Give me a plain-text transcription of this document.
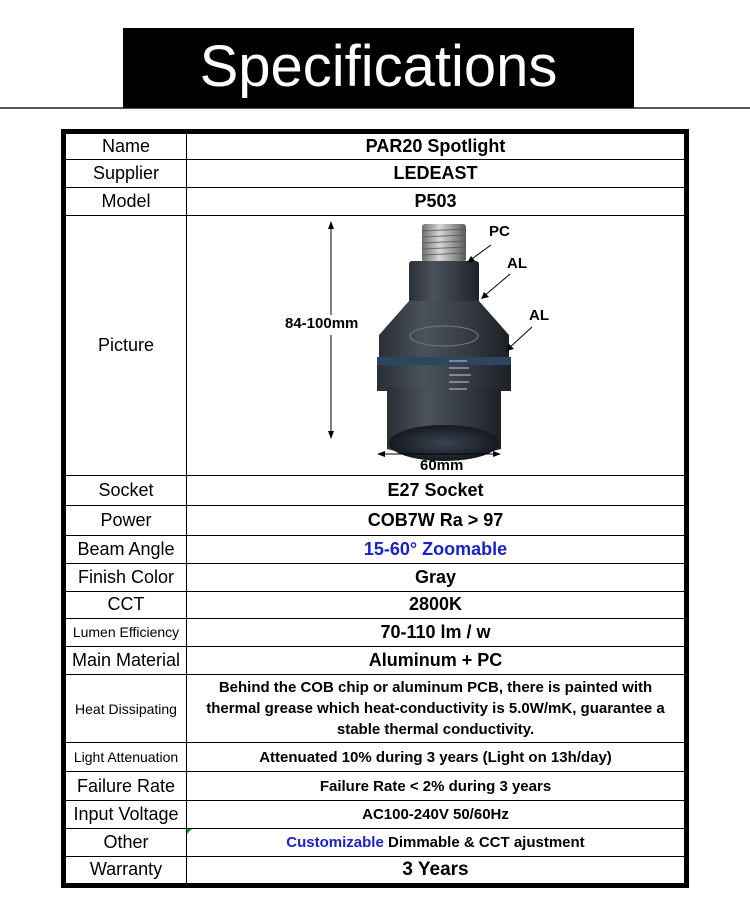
Specifications
Name	PAR20 Spotlight
Supplier	LEDEAST
Model	P503
Picture	84-100mm
60mm
PC
AL
AL

Socket	E27 Socket
Power	COB7W Ra > 97
Beam Angle	15-60° Zoomable
Finish Color	Gray
CCT	2800K
Lumen Efficiency	70-110 lm / w
Main Material	Aluminum + PC
Heat Dissipating	Behind the COB chip or aluminum PCB, there is painted with thermal grease which heat-conductivity is 5.0W/mK, guarantee a stable thermal conductivity.
Light Attenuation	Attenuated 10% during 3 years (Light on 13h/day)
Failure Rate	Failure Rate < 2% during 3 years
Input Voltage	AC100-240V 50/60Hz
Other	Customizable Dimmable & CCT ajustment
Warranty	3 Years
